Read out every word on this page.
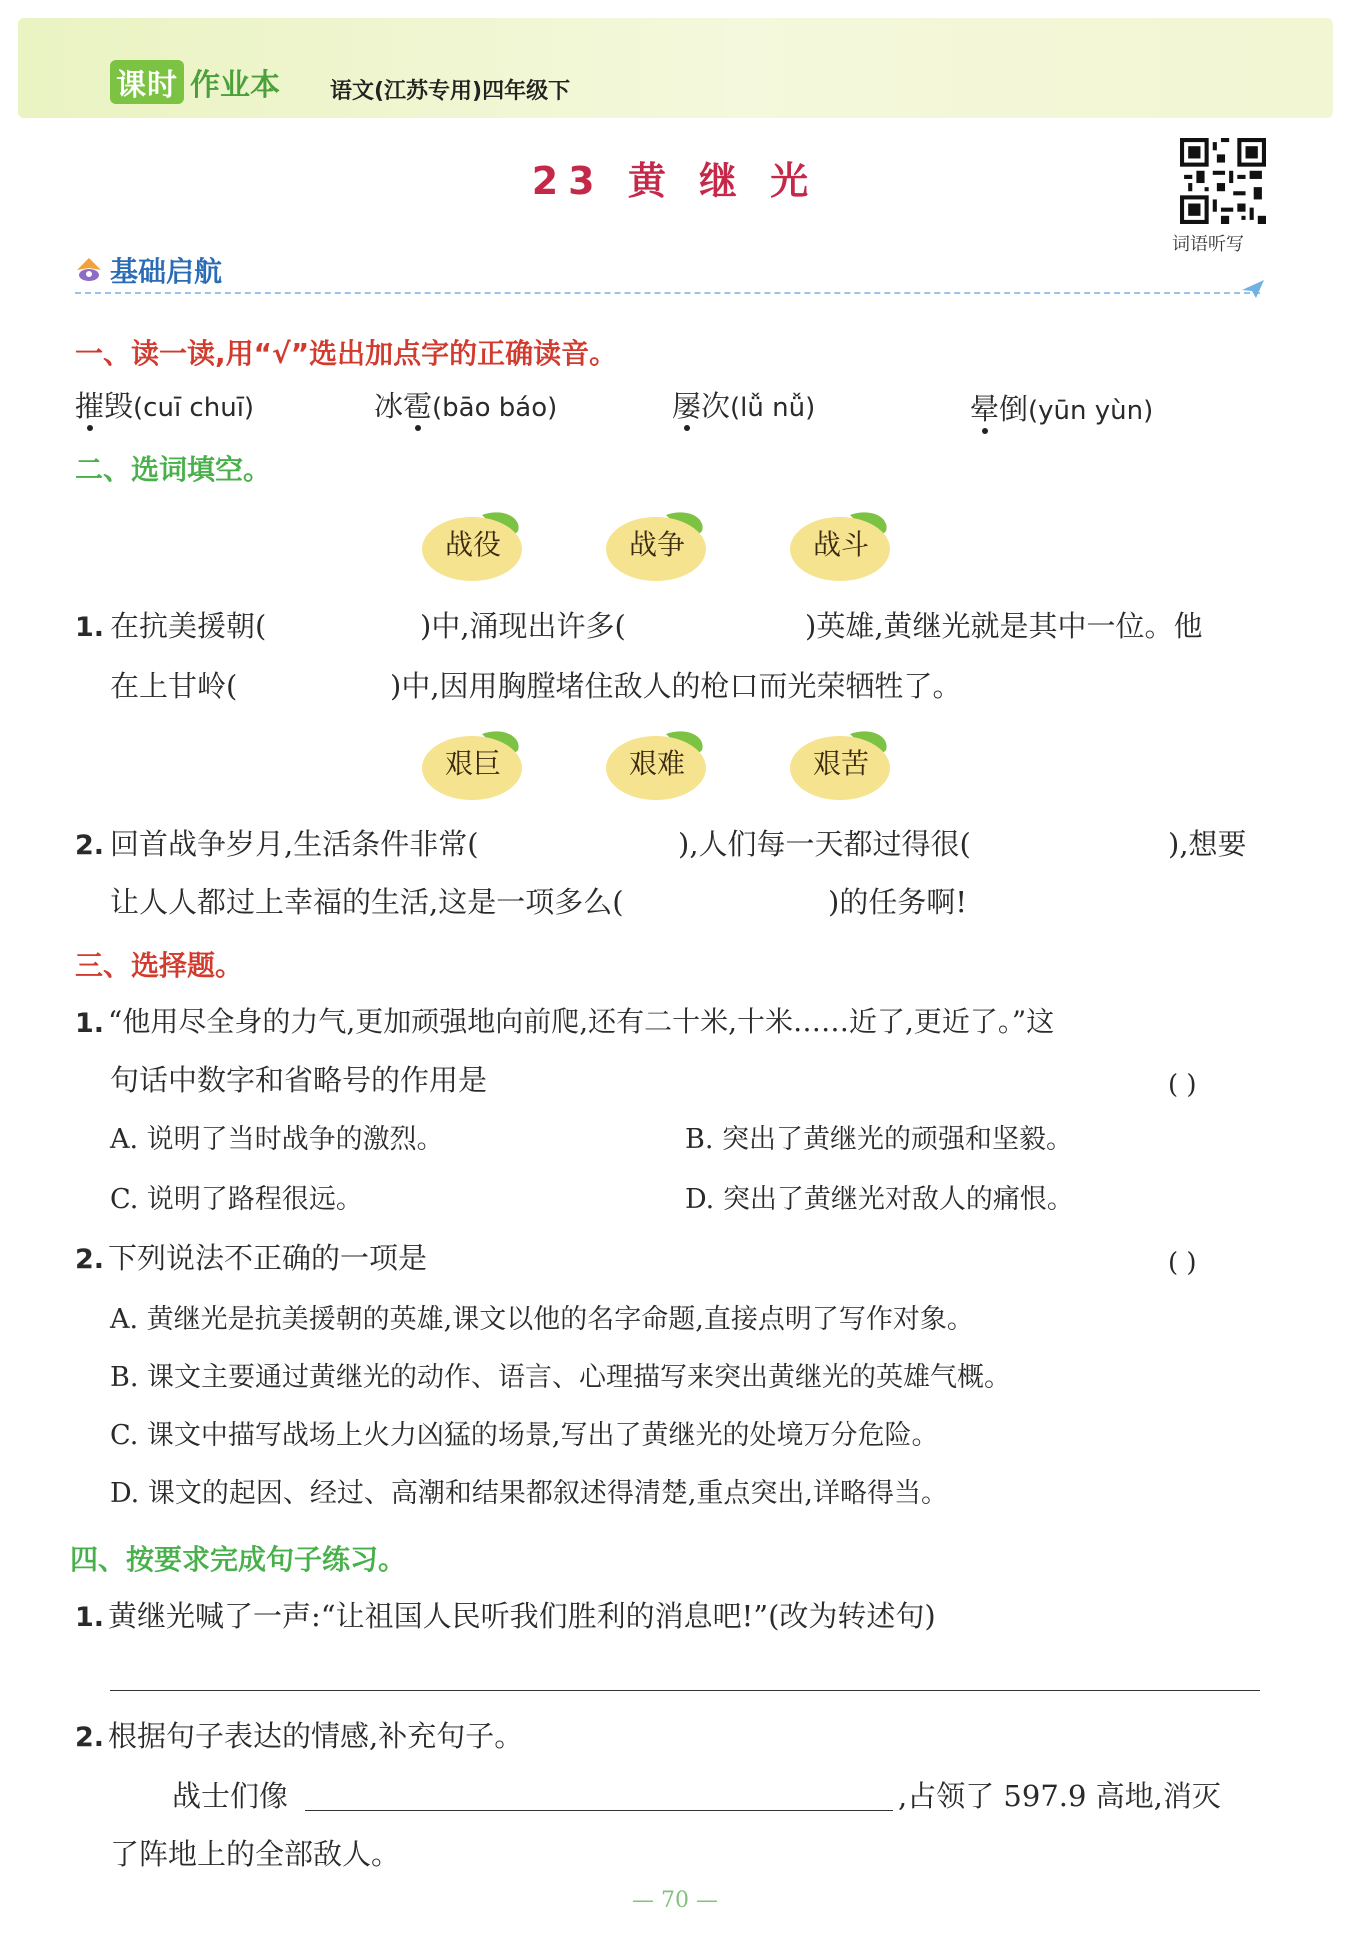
课时 作业本 语文(江苏专用)四年级下
23 黄 继 光
词语听写
基础启航
一、读一读,用“√”选出加点字的正确读音。
摧毁(cuī chuī)	冰雹(bāo báo)	屡次(lǚ nǚ)	晕倒(yūn yùn)
二、选词填空。
战役	战争	战斗
1. 在抗美援朝(	)中,涌现出许多(	)英雄,黄继光就是其中一位。他
在上甘岭(	)中,因用胸膛堵住敌人的枪口而光荣牺牲了。
艰巨	艰难	艰苦
2. 回首战争岁月,生活条件非常(	),人们每一天都过得很(	),想要
让人人都过上幸福的生活,这是一项多么(	)的任务啊!
三、选择题。
1. “他用尽全身的力气,更加顽强地向前爬,还有二十米,十米……近了,更近了。”这
句话中数字和省略号的作用是	( )
A. 说明了当时战争的激烈。	B. 突出了黄继光的顽强和坚毅。
C. 说明了路程很远。	D. 突出了黄继光对敌人的痛恨。
2. 下列说法不正确的一项是	( )
A. 黄继光是抗美援朝的英雄,课文以他的名字命题,直接点明了写作对象。
B. 课文主要通过黄继光的动作、语言、心理描写来突出黄继光的英雄气概。
C. 课文中描写战场上火力凶猛的场景,写出了黄继光的处境万分危险。
D. 课文的起因、经过、高潮和结果都叙述得清楚,重点突出,详略得当。
四、按要求完成句子练习。
1. 黄继光喊了一声:“让祖国人民听我们胜利的消息吧!”(改为转述句)
2. 根据句子表达的情感,补充句子。
战士们像	,占领了 597.9 高地,消灭
了阵地上的全部敌人。
— 70 —
